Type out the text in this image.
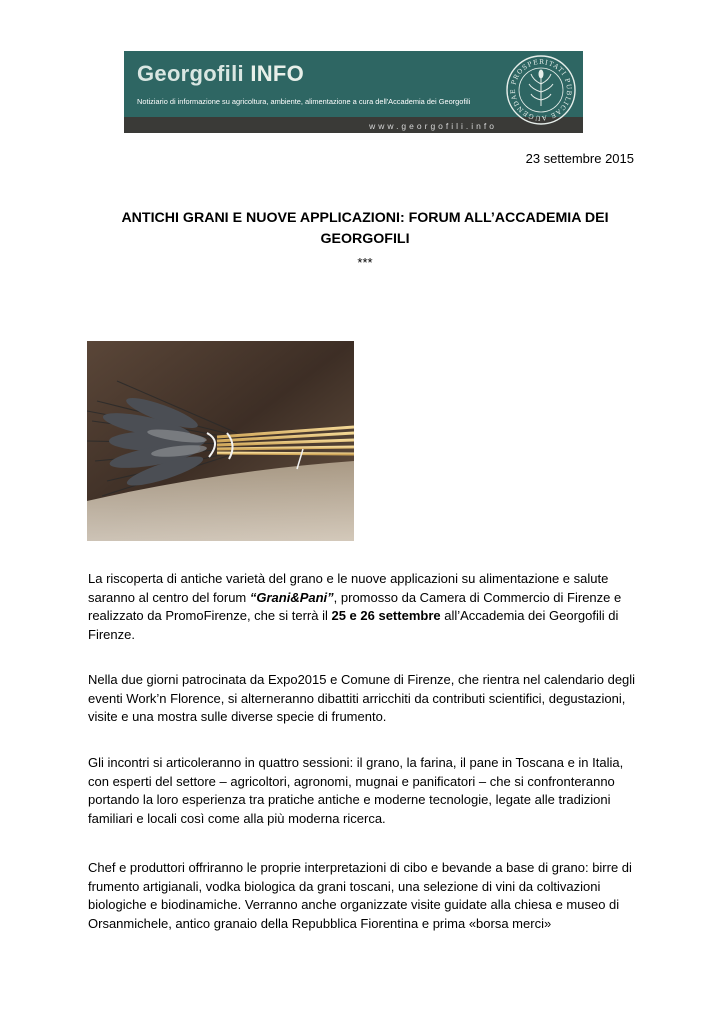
Georgofili INFO
Notiziario di informazione su agricoltura, ambiente, alimentazione a cura dell'Accademia dei Georgofili
www.georgofili.info
PROSPERITATI PUBLICAE AUGENDAE
23 settembre 2015
ANTICHI GRANI E NUOVE APPLICAZIONI: FORUM ALL’ACCADEMIA DEI
GEORGOFILI
***

La riscoperta di antiche varietà del grano e le nuove applicazioni su alimentazione e salute saranno al centro del forum “Grani&Pani”, promosso da Camera di Commercio di Firenze e realizzato da PromoFirenze, che si terrà il 25 e 26 settembre all’Accademia dei Georgofili di Firenze.

Nella due giorni patrocinata da Expo2015 e Comune di Firenze, che rientra nel calendario degli eventi Work’n Florence, si alterneranno dibattiti arricchiti da contributi scientifici, degustazioni, visite e una mostra sulle diverse specie di frumento.

Gli incontri si articoleranno in quattro sessioni: il grano, la farina, il pane in Toscana e in Italia, con esperti del settore – agricoltori, agronomi, mugnai e panificatori – che si confronteranno portando la loro esperienza tra pratiche antiche e moderne tecnologie, legate alle tradizioni familiari e locali così come alla più moderna ricerca.

Chef e produttori offriranno le proprie interpretazioni di cibo e bevande a base di grano: birre di frumento artigianali, vodka biologica da grani toscani, una selezione di vini da coltivazioni biologiche e biodinamiche. Verranno anche organizzate visite guidate alla chiesa e museo di Orsanmichele, antico granaio della Repubblica Fiorentina e prima «borsa merci»
